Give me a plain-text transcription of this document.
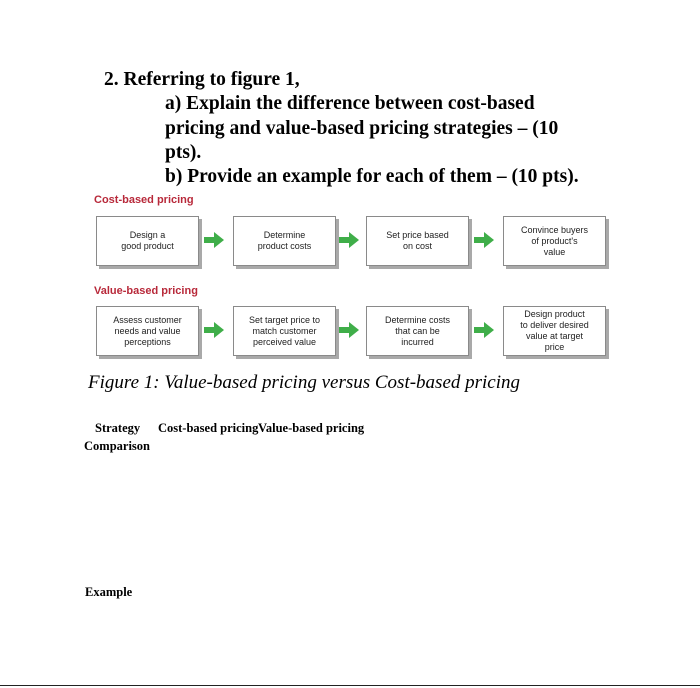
2. Referring to figure 1,
a) Explain the difference between cost-based
pricing and value-based pricing strategies – (10
pts).
b) Provide an example for each of them – (10 pts).
Cost-based pricing
Design a
good product
Determine
product costs
Set price based
on cost
Convince buyers
of product's
value
Value-based pricing
Assess customer
needs and value
perceptions
Set target price to
match customer
perceived value
Determine costs
that can be
incurred
Design product
to deliver desired
value at target
price
Figure 1: Value-based pricing versus Cost-based pricing
Strategy Cost-based pricing Value-based pricing
Comparison
Example
